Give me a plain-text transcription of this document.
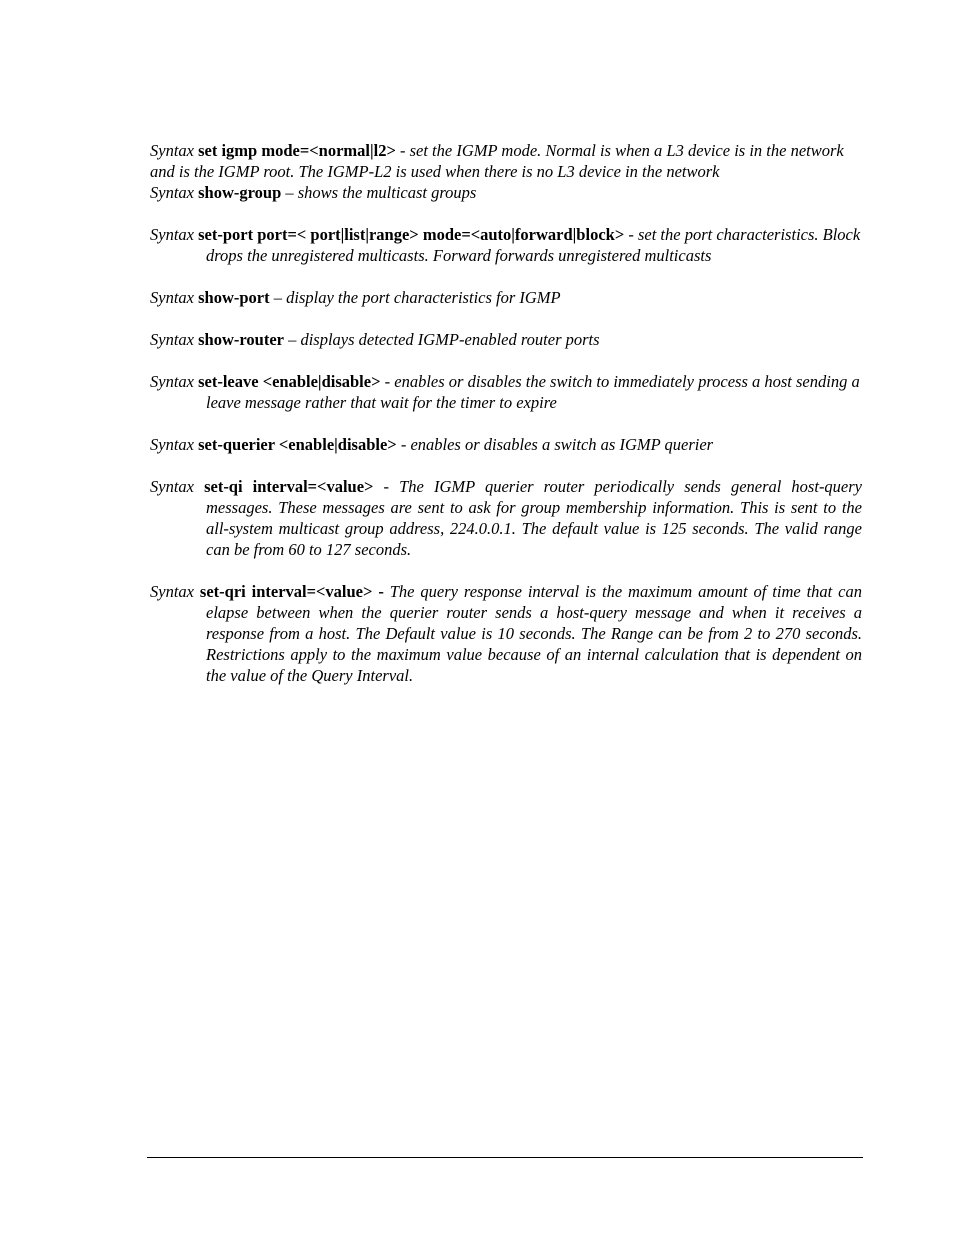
Syntax set igmp mode=<normal|l2> - set the IGMP mode. Normal is when a L3 device is in the network and is the IGMP root. The IGMP-L2 is used when there is no L3 device in the network

Syntax show-group – shows the multicast groups

Syntax set-port port=< port|list|range> mode=<auto|forward|block> - set the port characteristics. Block drops the unregistered multicasts. Forward forwards unregistered multicasts

Syntax show-port – display the port characteristics for IGMP

Syntax show-router – displays detected IGMP-enabled router ports

Syntax set-leave <enable|disable> - enables or disables the switch to immediately process a host sending a leave message rather that wait for the timer to expire

Syntax set-querier <enable|disable> - enables or disables a switch as IGMP querier

Syntax set-qi interval=<value> - The IGMP querier router periodically sends general host-query messages. These messages are sent to ask for group membership information. This is sent to the all-system multicast group address, 224.0.0.1. The default value is 125 seconds. The valid range can be from 60 to 127 seconds.

Syntax set-qri interval=<value> - The query response interval is the maximum amount of time that can elapse between when the querier router sends a host-query message and when it receives a response from a host. The Default value is 10 seconds. The Range can be from 2 to 270 seconds. Restrictions apply to the maximum value because of an internal calculation that is dependent on the value of the Query Interval.
